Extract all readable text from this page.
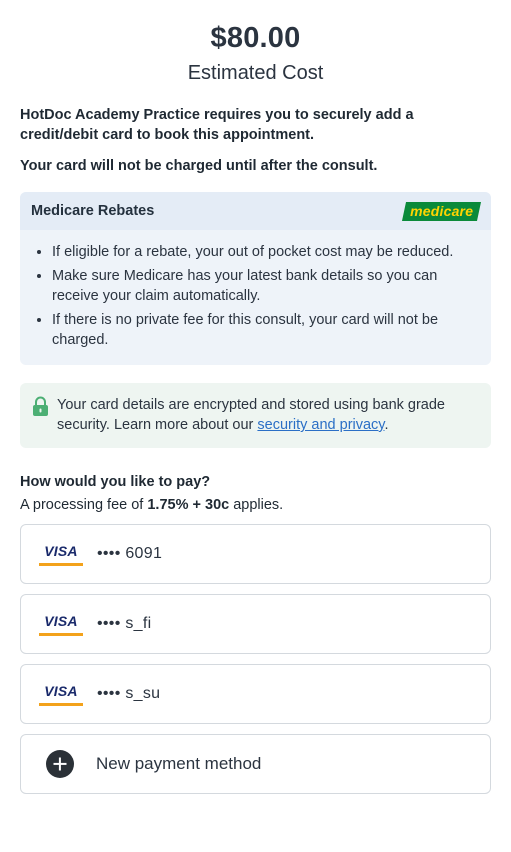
$80.00
Estimated Cost
HotDoc Academy Practice requires you to securely add a credit/debit card to book this appointment.
Your card will not be charged until after the consult.
Medicare Rebates	medicare
• If eligible for a rebate, your out of pocket cost may be reduced.
• Make sure Medicare has your latest bank details so you can receive your claim automatically.
• If there is no private fee for this consult, your card will not be charged.
Your card details are encrypted and stored using bank grade security. Learn more about our security and privacy.
How would you like to pay?
A processing fee of 1.75% + 30c applies.
VISA	•••• 6091
VISA	•••• s_fi
VISA	•••• s_su
New payment method
